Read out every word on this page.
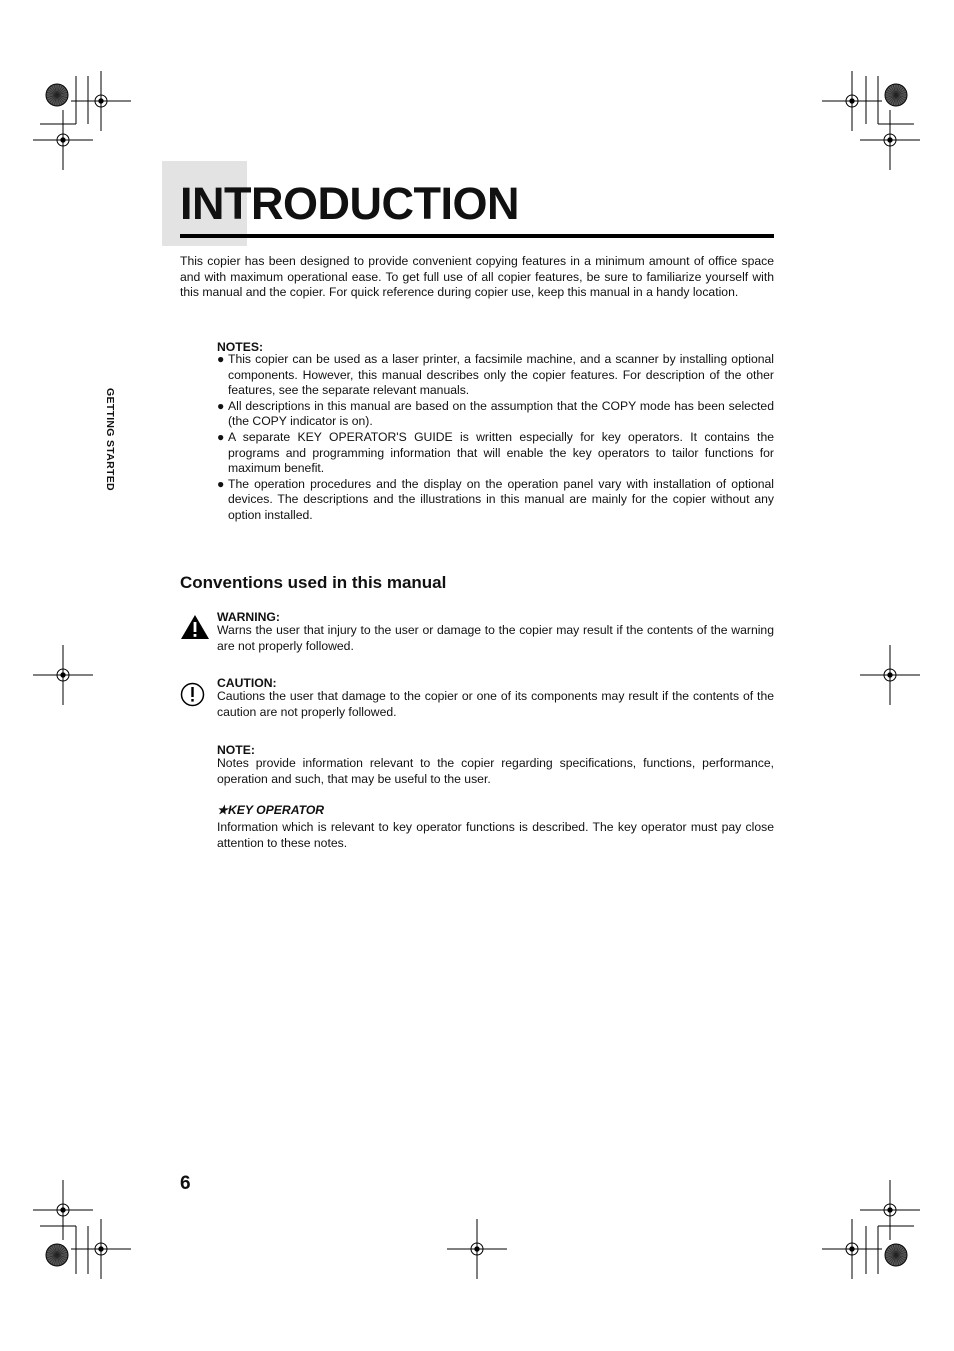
GETTING STARTED
INTRODUCTION

This copier has been designed to provide convenient copying features in a minimum amount of office space and with maximum operational ease. To get full use of all copier features, be sure to familiarize yourself with this manual and the copier. For quick reference during copier use, keep this manual in a handy location.

NOTES:
● This copier can be used as a laser printer, a facsimile machine, and a scanner by installing optional components. However, this manual describes only the copier features. For description of the other features, see the separate relevant manuals.
● All descriptions in this manual are based on the assumption that the COPY mode has been selected (the COPY indicator is on).
● A separate KEY OPERATOR'S GUIDE is written especially for key operators. It contains the programs and programming information that will enable the key operators to tailor functions for maximum benefit.
● The operation procedures and the display on the operation panel vary with installation of optional devices. The descriptions and the illustrations in this manual are mainly for the copier without any option installed.
Conventions used in this manual
WARNING:

Warns the user that injury to the user or damage to the copier may result if the contents of the warning are not properly followed.

CAUTION:

Cautions the user that damage to the copier or one of its components may result if the contents of the caution are not properly followed.

NOTE:

Notes provide information relevant to the copier regarding specifications, functions, performance, operation and such, that may be useful to the user.

★KEY OPERATOR

Information which is relevant to key operator functions is described. The key operator must pay close attention to these notes.

6
